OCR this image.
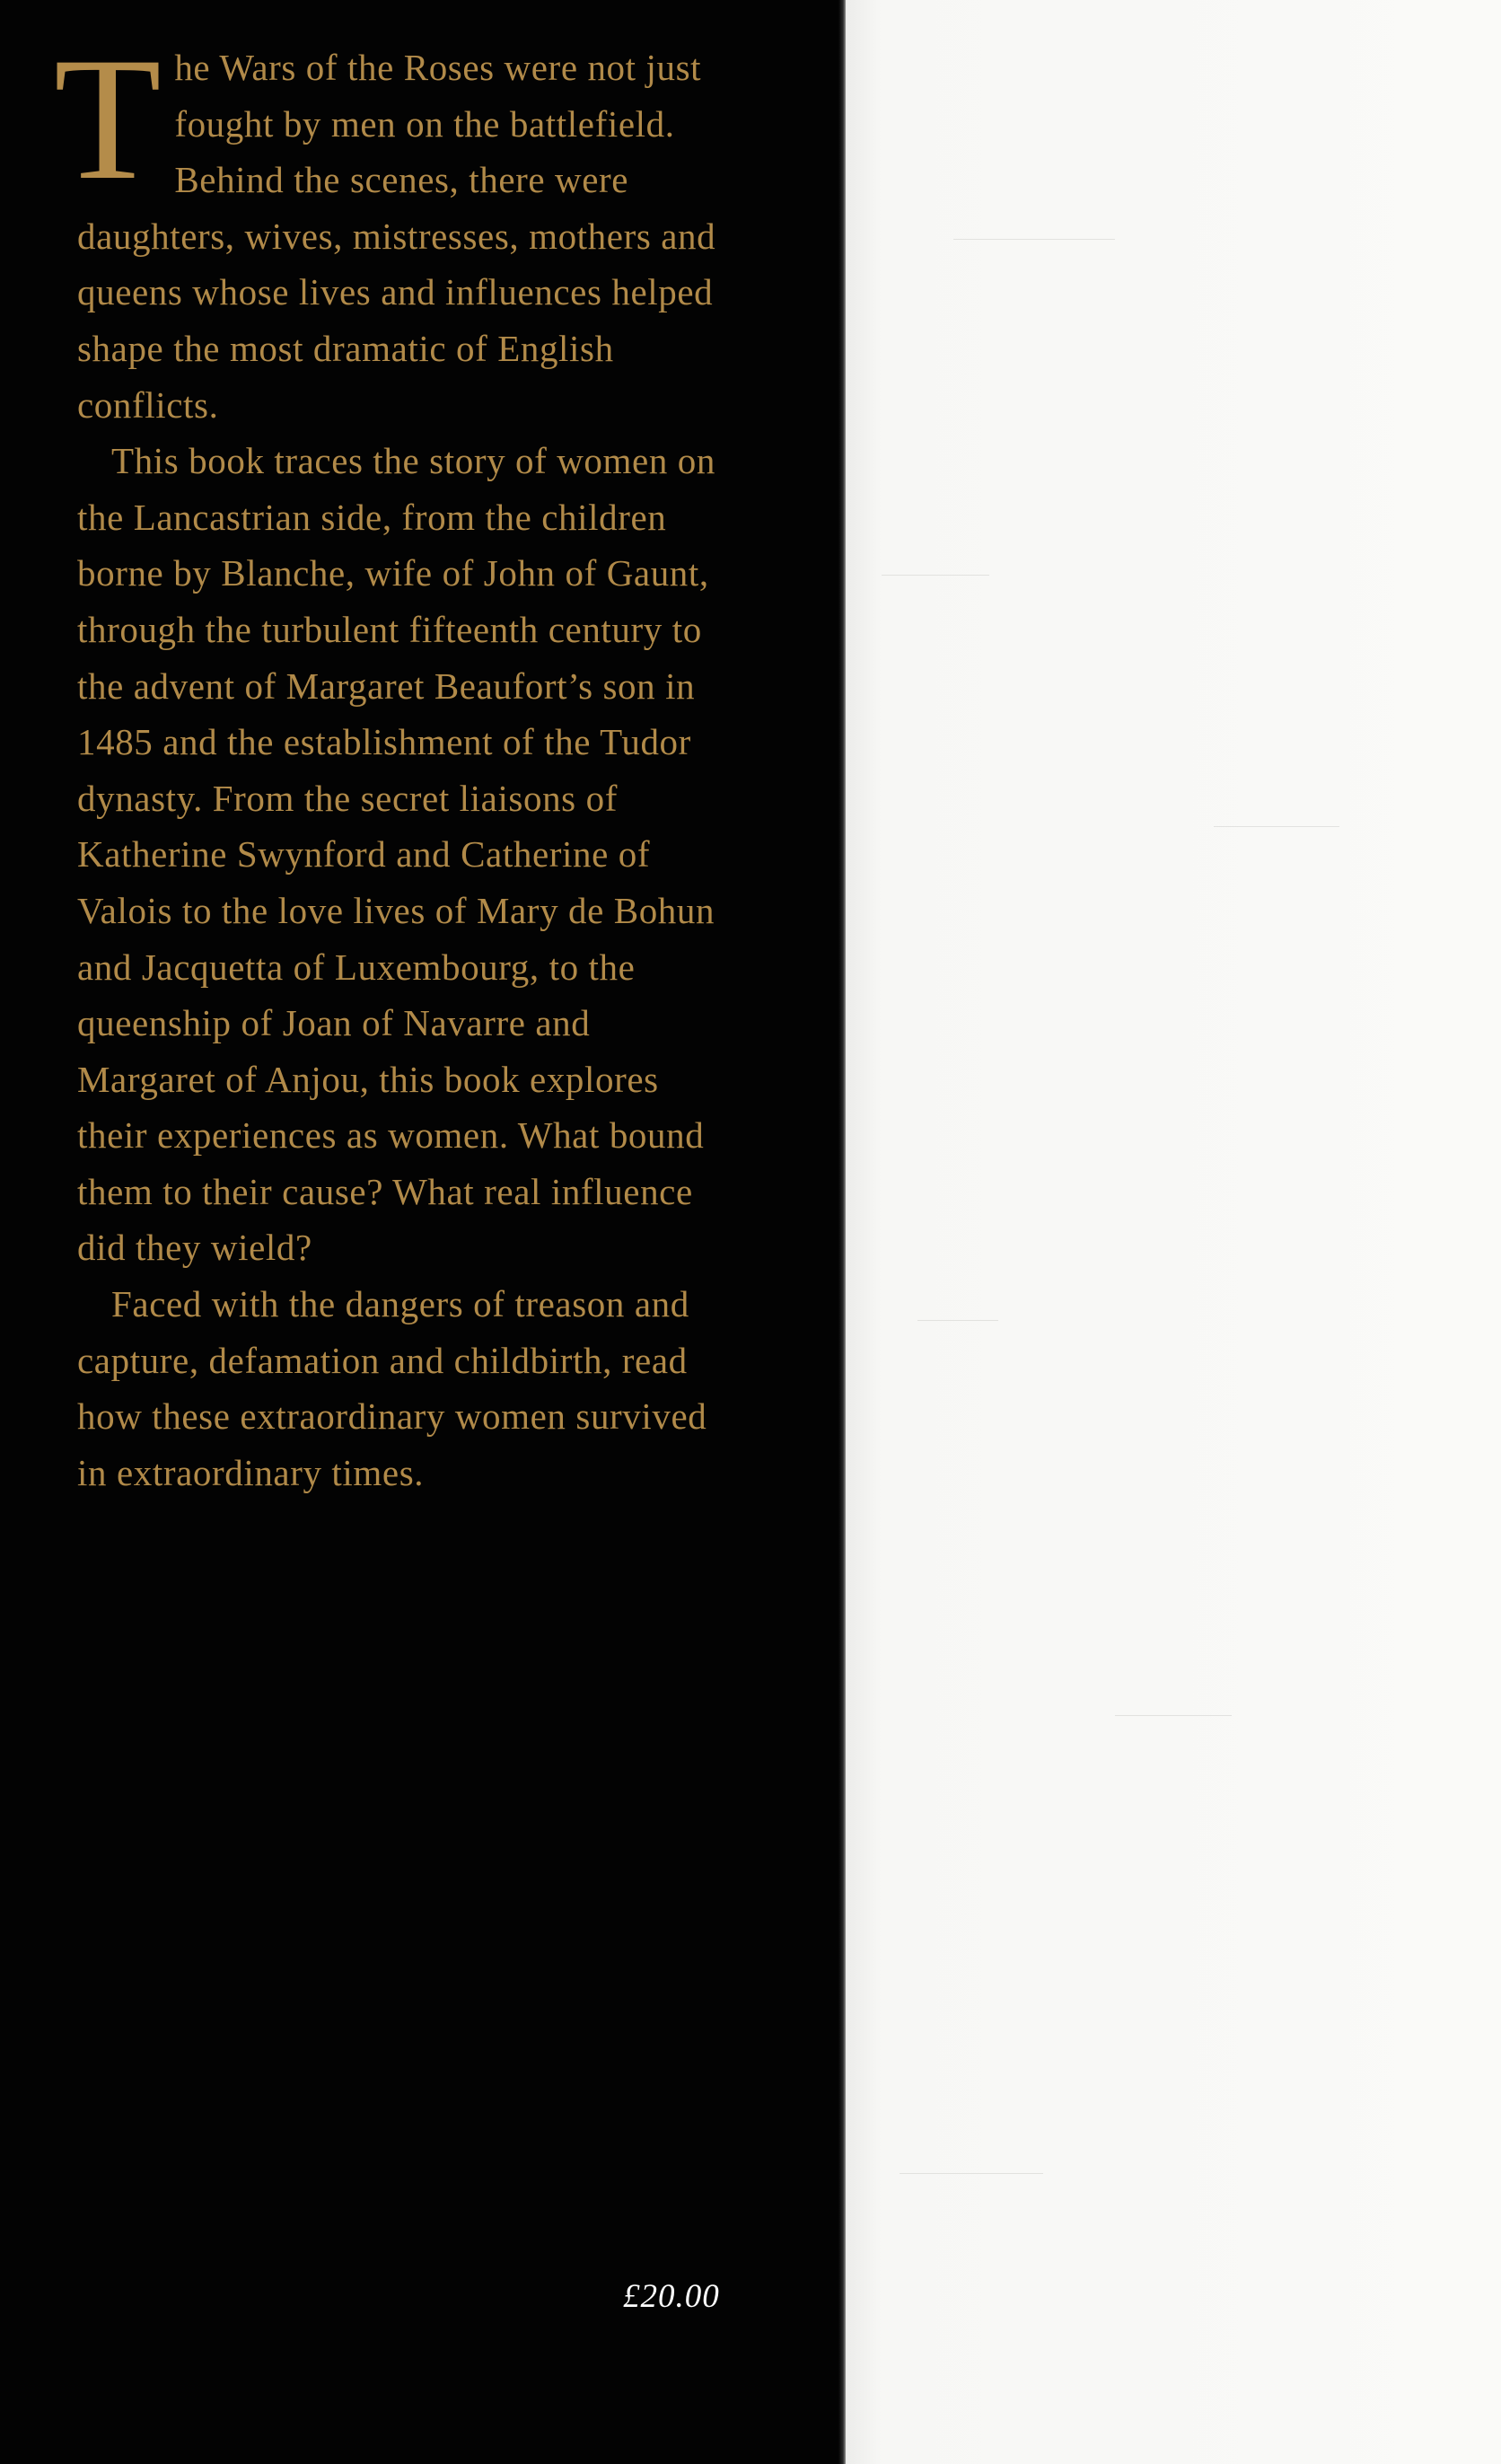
T he Wars of the Roses were not just fought by men on the battlefield. Behind the scenes, there were daughters, wives, mistresses, mothers and queens whose lives and influences helped shape the most dramatic of English conflicts.

This book traces the story of women on the Lancastrian side, from the children borne by Blanche, wife of John of Gaunt, through the turbulent fifteenth century to the advent of Margaret Beaufort’s son in 1485 and the establishment of the Tudor dynasty. From the secret liaisons of Katherine Swynford and Catherine of Valois to the love lives of Mary de Bohun and Jacquetta of Luxembourg, to the queenship of Joan of Navarre and Margaret of Anjou, this book explores their experiences as women. What bound them to their cause? What real influence did they wield?

Faced with the dangers of treason and capture, defamation and childbirth, read how these extraordinary women survived in extraordinary times.

£20.00
